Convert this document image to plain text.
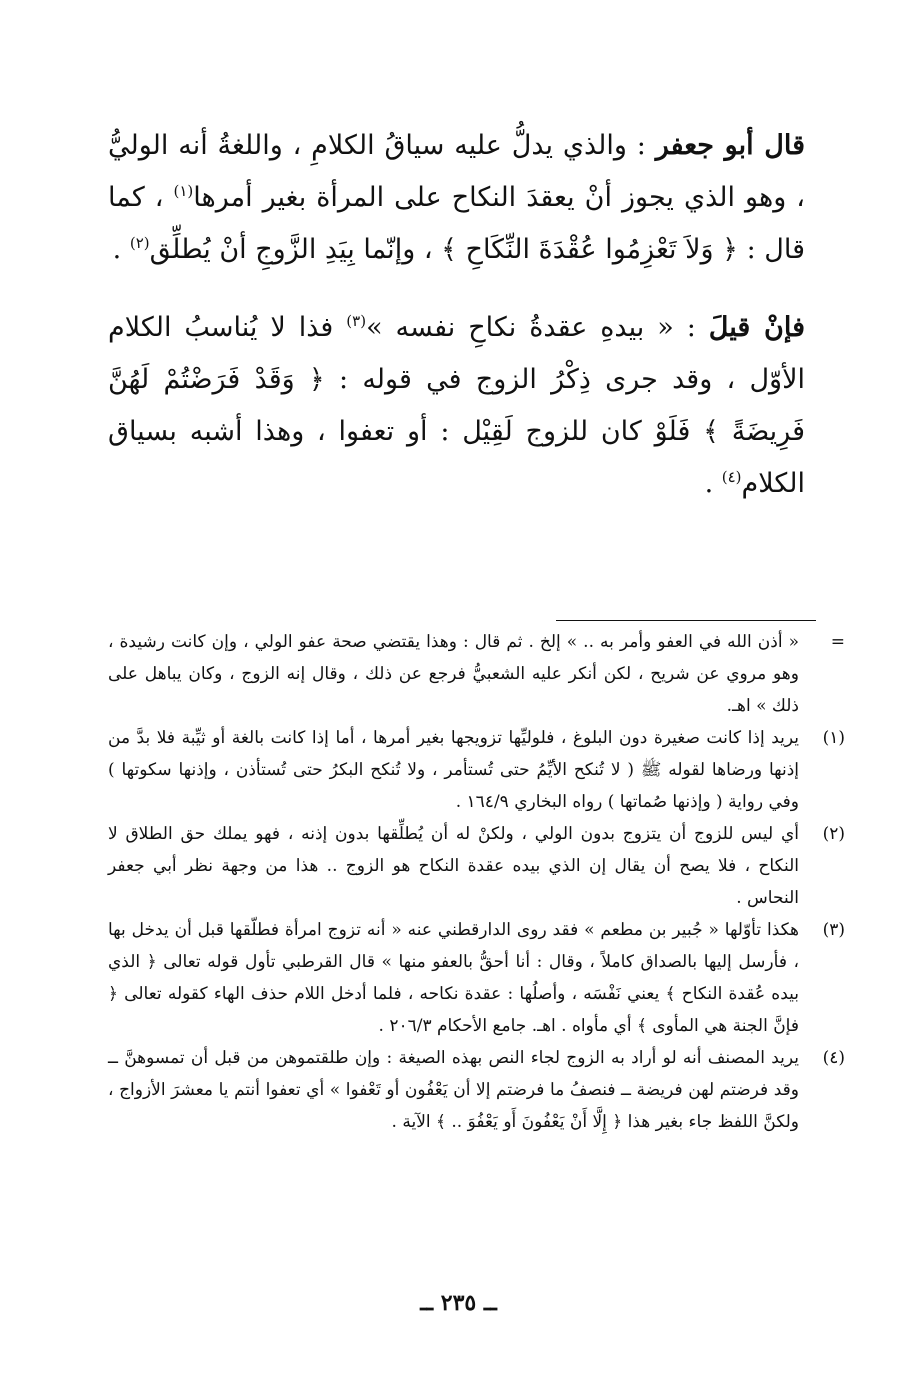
قال أبو جعفر : والذي يدلُّ عليه سياقُ الكلامِ ، واللغةُ أنه الوليُّ ، وهو الذي يجوز أنْ يعقدَ النكاح على المرأة بغير أمرها$^{(١)}$ ، كما قال : ﴿ وَلاَ تَعْزِمُوا عُقْدَةَ النِّكَاحِ ﴾ ، وإنّما بِيَدِ الزَّوجِ أنْ يُطلِّق$^{(٢)}$ .

فإنْ قيلَ : « بيدهِ عقدةُ نكاحِ نفسه »$^{(٣)}$ فذا لا يُناسبُ الكلام الأوّل ، وقد جرى ذِكْرُ الزوج في قوله : ﴿ وَقَدْ فَرَضْتُمْ لَهُنَّ فَرِيضَةً ﴾ فَلَوْ كان للزوج لَقِيْل : أو تعفوا ، وهذا أشبه بسياق الكلام$^{(٤)}$ .

=
« أذن الله في العفو وأمر به .. » إلخ . ثم قال : وهذا يقتضي صحة عفو الولي ، وإن كانت رشيدة ، وهو مروي عن شريح ، لكن أنكر عليه الشعبيُّ فرجع عن ذلك ، وقال إنه الزوج ، وكان يباهل على ذلك » اهـ.

(١)
يريد إذا كانت صغيرة دون البلوغ ، فلوليِّها تزويجها بغير أمرها ، أما إذا كانت بالغة أو ثيِّبة فلا بدَّ من إذنها ورضاها لقوله ﷺ ( لا تُنكح الأيِّمُ حتى تُستأمر ، ولا تُنكح البكرُ حتى تُستأذن ، وإذنها سكوتها ) وفي رواية ( وإذنها صُماتها ) رواه البخاري ١٦٤/٩ .

(٢)
أي ليس للزوج أن يتزوج بدون الولي ، ولكنْ له أن يُطلِّقها بدون إذنه ، فهو يملك حق الطلاق لا النكاح ، فلا يصح أن يقال إن الذي بيده عقدة النكاح هو الزوج .. هذا من وجهة نظر أبي جعفر النحاس .

(٣)
هكذا تأوّلها « جُبير بن مطعم » فقد روى الدارقطني عنه « أنه تزوج امرأة فطلّقها قبل أن يدخل بها ، فأرسل إليها بالصداق كاملاً ، وقال : أنا أحقُّ بالعفو منها » قال القرطبي تأول قوله تعالى ﴿ الذي بيده عُقدة النكاح ﴾ يعني نَفْسَه ، وأصلُها : عقدة نكاحه ، فلما أدخل اللام حذف الهاء كقوله تعالى ﴿ فإنَّ الجنة هي المأوى ﴾ أي مأواه . اهـ. جامع الأحكام ٢٠٦/٣ .

(٤)
يريد المصنف أنه لو أراد به الزوج لجاء النص بهذه الصيغة : وإن طلقتموهن من قبل أن تمسوهنَّ ــ وقد فرضتم لهن فريضة ــ فنصفُ ما فرضتم إلا أن يَعْفُون أو تَعْفوا » أي تعفوا أنتم يا معشرَ الأزواج ، ولكنَّ اللفظ جاء بغير هذا ﴿ إِلَّا أَنْ يَعْفُونَ أَو يَعْفُوَ .. ﴾ الآية .

ــ ٢٣٥ ــ
